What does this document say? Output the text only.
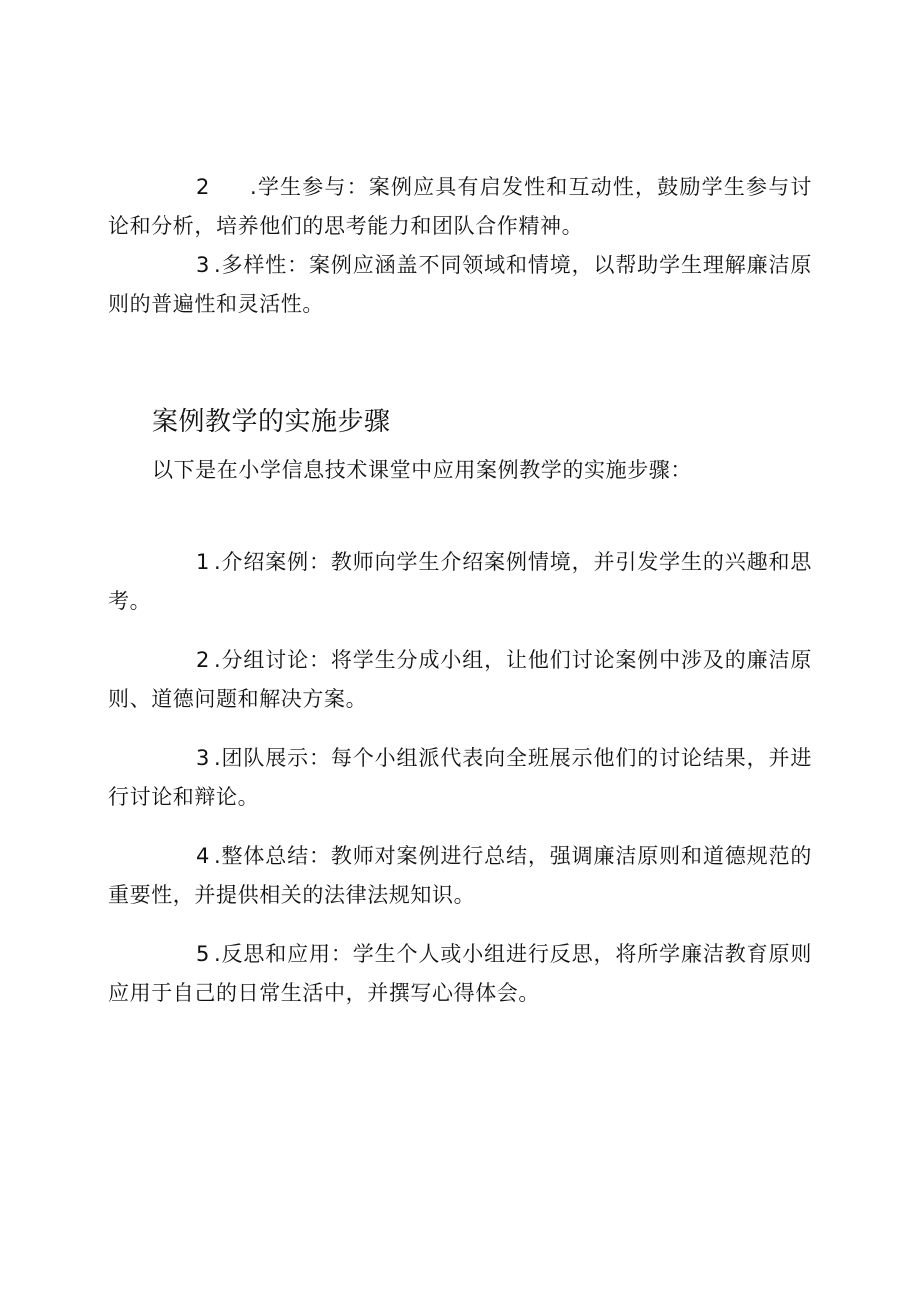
2 .学生参与：案例应具有启发性和互动性，鼓励学生参与讨论和分析，培养他们的思考能力和团队合作精神。

3 .多样性：案例应涵盖不同领域和情境，以帮助学生理解廉洁原则的普遍性和灵活性。

案例教学的实施步骤

以下是在小学信息技术课堂中应用案例教学的实施步骤：

1 .介绍案例：教师向学生介绍案例情境，并引发学生的兴趣和思考。

2 .分组讨论：将学生分成小组，让他们讨论案例中涉及的廉洁原则、道德问题和解决方案。

3 .团队展示：每个小组派代表向全班展示他们的讨论结果，并进行讨论和辩论。

4 .整体总结：教师对案例进行总结，强调廉洁原则和道德规范的重要性，并提供相关的法律法规知识。

5 .反思和应用：学生个人或小组进行反思，将所学廉洁教育原则应用于自己的日常生活中，并撰写心得体会。
